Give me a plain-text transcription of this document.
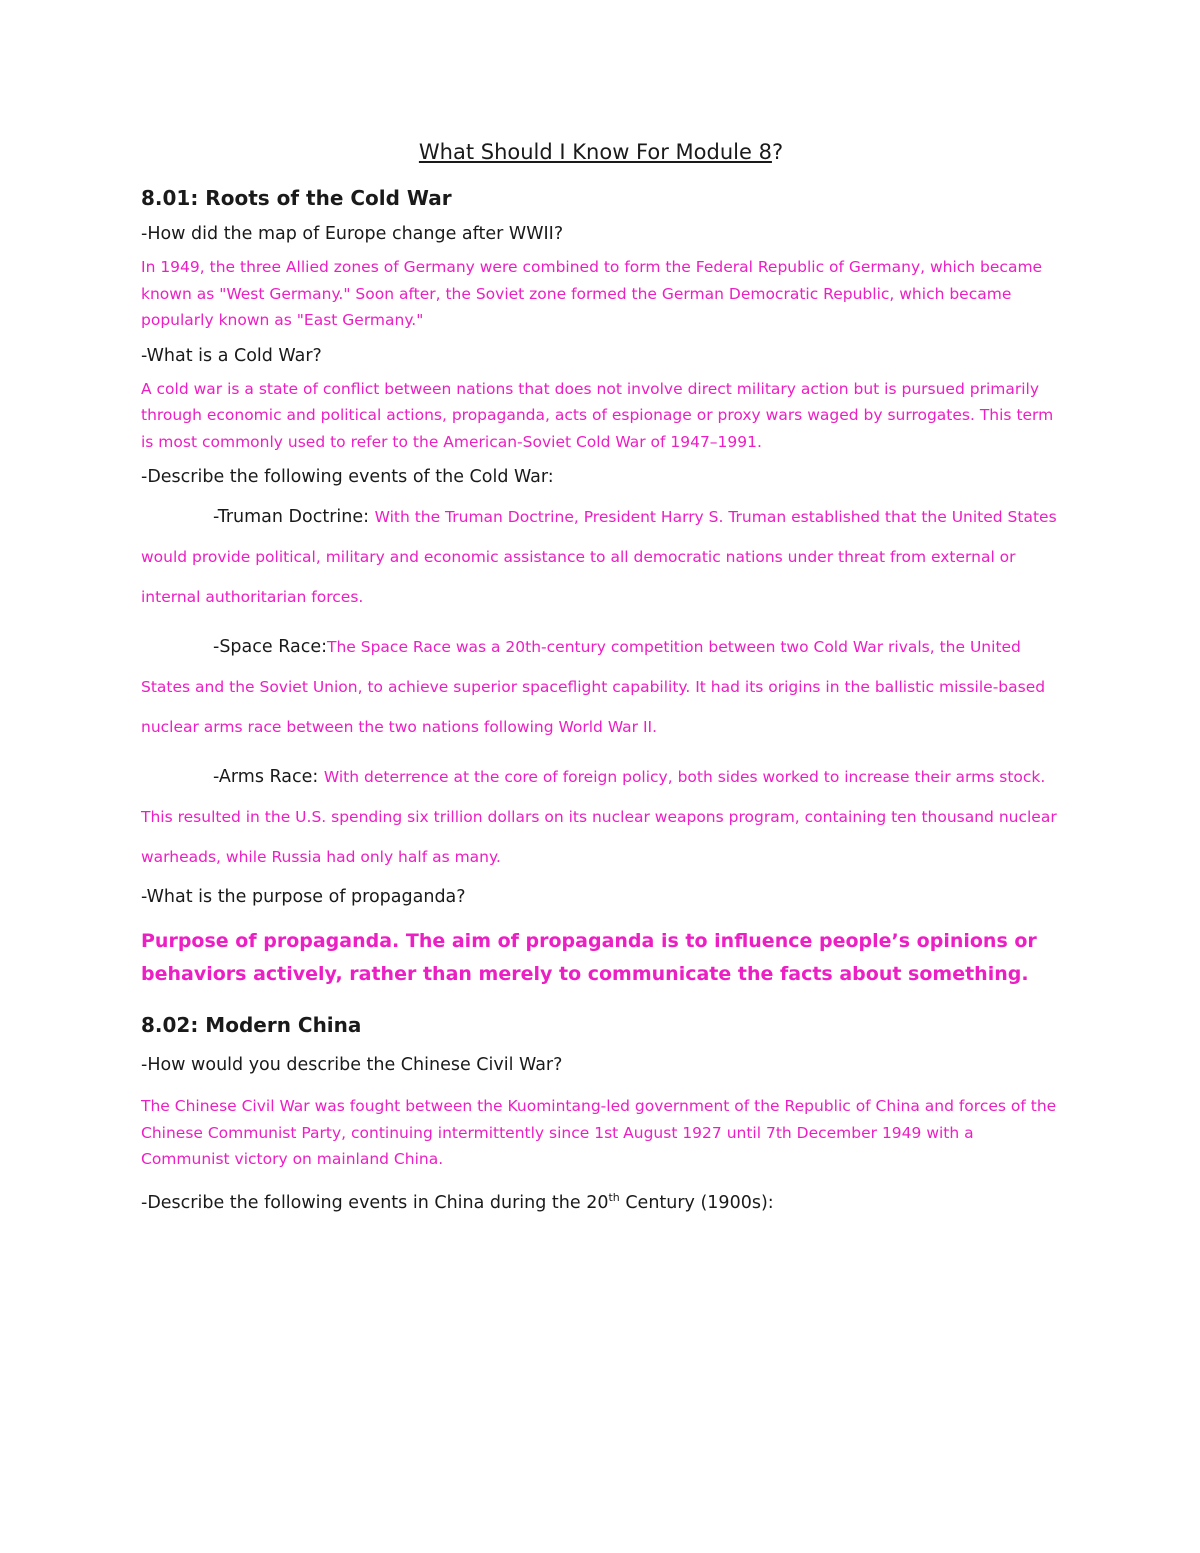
What Should I Know For Module 8?

8.01: Roots of the Cold War

-How did the map of Europe change after WWII?

In 1949, the three Allied zones of Germany were combined to form the Federal Republic of Germany, which became known as "West Germany." Soon after, the Soviet zone formed the German Democratic Republic, which became popularly known as "East Germany."

-What is a Cold War?

A cold war is a state of conflict between nations that does not involve direct military action but is pursued primarily through economic and political actions, propaganda, acts of espionage or proxy wars waged by surrogates. This term is most commonly used to refer to the American-Soviet Cold War of 1947–1991.

-Describe the following events of the Cold War:

-Truman Doctrine: With the Truman Doctrine, President Harry S. Truman established that the United States would provide political, military and economic assistance to all democratic nations under threat from external or internal authoritarian forces.

-Space Race:The Space Race was a 20th-century competition between two Cold War rivals, the United States and the Soviet Union, to achieve superior spaceflight capability. It had its origins in the ballistic missile-based nuclear arms race between the two nations following World War II.

-Arms Race: With deterrence at the core of foreign policy, both sides worked to increase their arms stock. This resulted in the U.S. spending six trillion dollars on its nuclear weapons program, containing ten thousand nuclear warheads, while Russia had only half as many.

-What is the purpose of propaganda?

Purpose of propaganda. The aim of propaganda is to influence people’s opinions or behaviors actively, rather than merely to communicate the facts about something.

8.02: Modern China

-How would you describe the Chinese Civil War?

The Chinese Civil War was fought between the Kuomintang-led government of the Republic of China and forces of the Chinese Communist Party, continuing intermittently since 1st August 1927 until 7th December 1949 with a Communist victory on mainland China.

-Describe the following events in China during the 20th Century (1900s):
